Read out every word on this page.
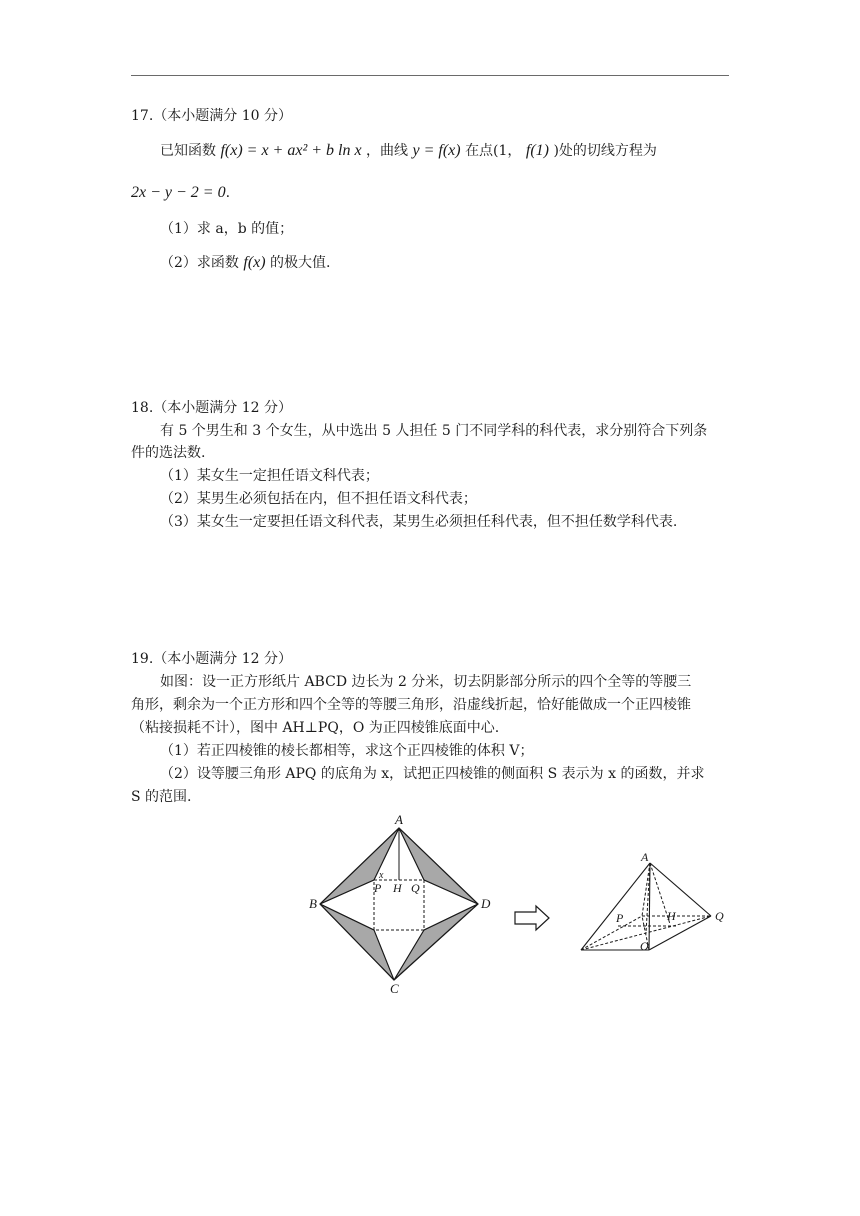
17.（本小题满分 10 分）
已知函数 f(x) = x + ax² + b ln x ，曲线 y = f(x) 在点(1， f(1) )处的切线方程为
2x − y − 2 = 0.
（1）求 a，b 的值；
（2）求函数 f(x) 的极大值.
18.（本小题满分 12 分）
有 5 个男生和 3 个女生，从中选出 5 人担任 5 门不同学科的科代表，求分别符合下列条
件的选法数.
（1）某女生一定担任语文科代表；
（2）某男生必须包括在内，但不担任语文科代表；
（3）某女生一定要担任语文科代表，某男生必须担任科代表，但不担任数学科代表.
19.（本小题满分 12 分）
如图：设一正方形纸片 ABCD 边长为 2 分米，切去阴影部分所示的四个全等的等腰三
角形，剩余为一个正方形和四个全等的等腰三角形，沿虚线折起，恰好能做成一个正四棱锥
（粘接损耗不计），图中 AH⊥PQ，O 为正四棱锥底面中心.
（1）若正四棱锥的棱长都相等，求这个正四棱锥的体积 V；
（2）设等腰三角形 APQ 的底角为 x，试把正四棱锥的侧面积 S 表示为 x 的函数，并求
S 的范围.
A
B
C
D
P H Q
x
A
P	H	Q
O
